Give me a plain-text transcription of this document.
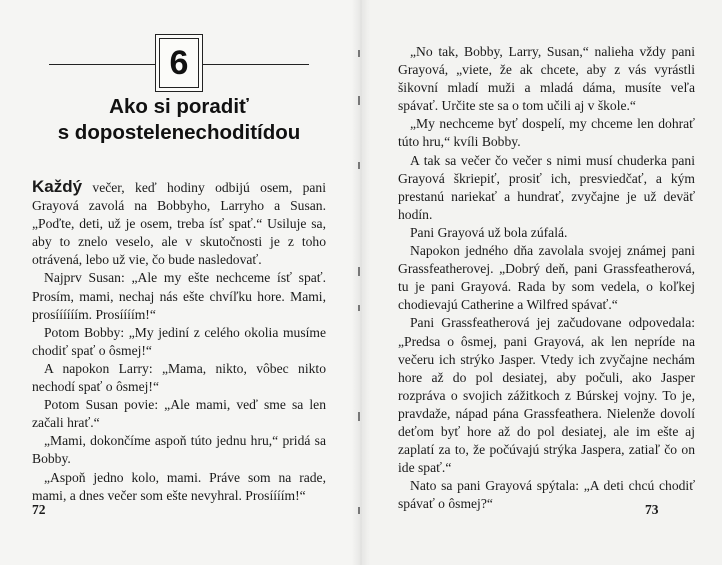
6
Ako si poradiť
s dopostelenechoditídou

Každý večer, keď hodiny odbijú osem, pani Grayová zavolá na Bobbyho, Larryho a Susan. „Poďte, deti, už je osem, treba ísť spať.“ Usiluje sa, aby to znelo veselo, ale v skutočnosti je z toho otrávená, lebo už vie, čo bude nasledovať.

Najprv Susan: „Ale my ešte nechceme ísť spať. Prosím, mami, nechaj nás ešte chvíľku hore. Mami, prosíííííím. Prosíííím!“

Potom Bobby: „My jediní z celého okolia musíme chodiť spať o ôsmej!“

A napokon Larry: „Mama, nikto, vôbec nikto nechodí spať o ôsmej!“

Potom Susan povie: „Ale mami, veď sme sa len začali hrať.“

„Mami, dokončíme aspoň túto jednu hru,“ pridá sa Bobby.

„Aspoň jedno kolo, mami. Práve som na rade, mami, a dnes večer som ešte nevyhral. Prosíííím!“

72

„No tak, Bobby, Larry, Susan,“ nalieha vždy pani Grayová, „viete, že ak chcete, aby z vás vyrástli šikovní mladí muži a mladá dáma, musíte veľa spávať. Určite ste sa o tom učili aj v škole.“

„My nechceme byť dospelí, my chceme len dohrať túto hru,“ kvíli Bobby.

A tak sa večer čo večer s nimi musí chuderka pani Grayová škriepiť, prosiť ich, presviedčať, a kým prestanú nariekať a hundrať, zvyčajne je už deväť hodín.

Pani Grayová už bola zúfalá.

Napokon jedného dňa zavolala svojej známej pani Grassfeatherovej. „Dobrý deň, pani Grassfeatherová, tu je pani Grayová. Rada by som vedela, o koľkej chodievajú Catherine a Wilfred spávať.“

Pani Grassfeatherová jej začudovane odpovedala: „Predsa o ôsmej, pani Grayová, ak len nepríde na večeru ich strýko Jasper. Vtedy ich zvyčajne nechám hore až do pol desiatej, aby počuli, ako Jasper rozpráva o svojich zážitkoch z Búrskej vojny. To je, pravdaže, nápad pána Grassfeathera. Nielenže dovolí deťom byť hore až do pol desiatej, ale im ešte aj zaplatí za to, že počúvajú strýka Jaspera, zatiaľ čo on ide spať.“

Nato sa pani Grayová spýtala: „A deti chcú chodiť spávať o ôsmej?“	73
